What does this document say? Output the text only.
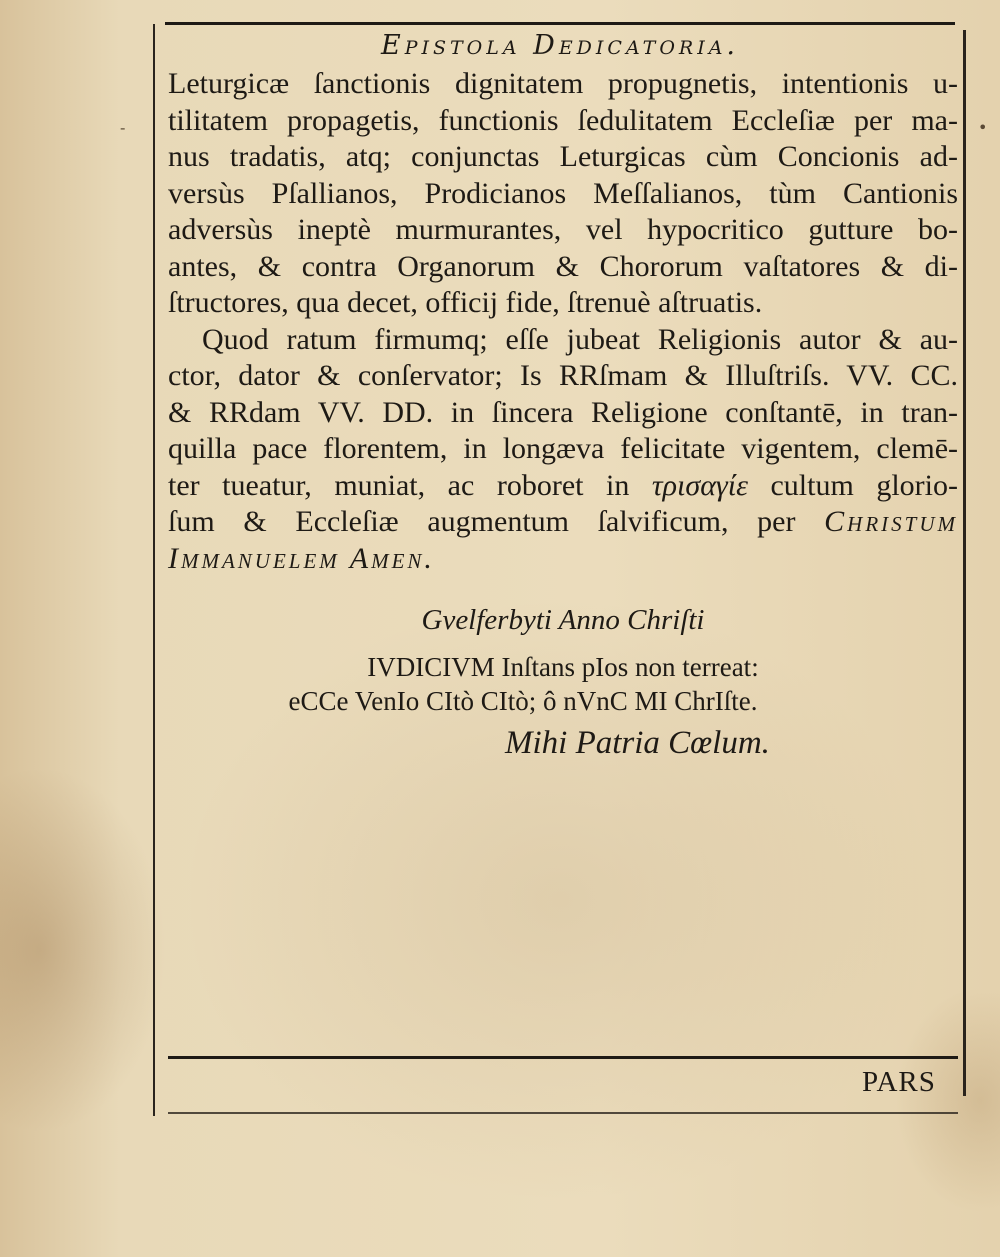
Epistola Dedicatoria.
Leturgicæ ſanctionis dignitatem propugnetis, intentionis u-
tilitatem propagetis, functionis ſedulitatem Eccleſiæ per ma-
nus tradatis, atq; conjunctas Leturgicas cùm Concionis ad-
versùs Pſallianos, Prodicianos Meſſalianos, tùm Cantionis
adversùs ineptè murmurantes, vel hypocritico gutture bo-
antes, & contra Organorum & Chororum vaſtatores & di-
ſtructores, qua decet, officij fide, ſtrenuè aſtruatis.
Quod ratum firmumq; eſſe jubeat Religionis autor & au-
ctor, dator & conſervator; Is RRſmam & Illuſtriſs. VV. CC.
& RRdam VV. DD. in ſincera Religione conſtantē, in tran-
quilla pace florentem, in longæva felicitate vigentem, clemē-
ter tueatur, muniat, ac roboret in τρισαγίε cultum glorio-
ſum & Eccleſiæ augmentum ſalvificum, per Christum
Immanuelem Amen.
Gvelferbyti Anno Chriſti
IVDICIVM Inſtans pIos non terreat:
eCCe VenIo CItò CItò; ô nVnC MI ChrIſte.
Mihi Patria Cœlum.
PARS
-	•
